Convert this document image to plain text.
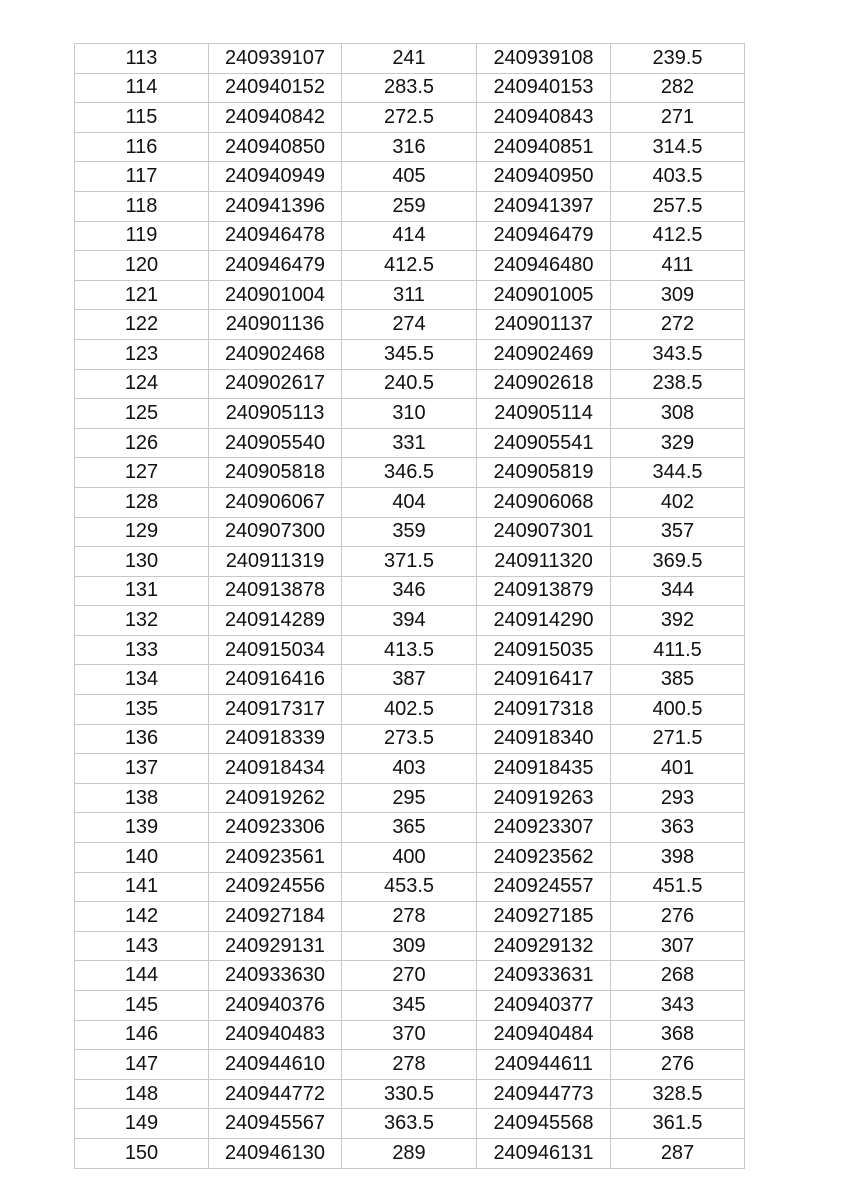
113	240939107	241	240939108	239.5
114	240940152	283.5	240940153	282
115	240940842	272.5	240940843	271
116	240940850	316	240940851	314.5
117	240940949	405	240940950	403.5
118	240941396	259	240941397	257.5
119	240946478	414	240946479	412.5
120	240946479	412.5	240946480	411
121	240901004	311	240901005	309
122	240901136	274	240901137	272
123	240902468	345.5	240902469	343.5
124	240902617	240.5	240902618	238.5
125	240905113	310	240905114	308
126	240905540	331	240905541	329
127	240905818	346.5	240905819	344.5
128	240906067	404	240906068	402
129	240907300	359	240907301	357
130	240911319	371.5	240911320	369.5
131	240913878	346	240913879	344
132	240914289	394	240914290	392
133	240915034	413.5	240915035	411.5
134	240916416	387	240916417	385
135	240917317	402.5	240917318	400.5
136	240918339	273.5	240918340	271.5
137	240918434	403	240918435	401
138	240919262	295	240919263	293
139	240923306	365	240923307	363
140	240923561	400	240923562	398
141	240924556	453.5	240924557	451.5
142	240927184	278	240927185	276
143	240929131	309	240929132	307
144	240933630	270	240933631	268
145	240940376	345	240940377	343
146	240940483	370	240940484	368
147	240944610	278	240944611	276
148	240944772	330.5	240944773	328.5
149	240945567	363.5	240945568	361.5
150	240946130	289	240946131	287
